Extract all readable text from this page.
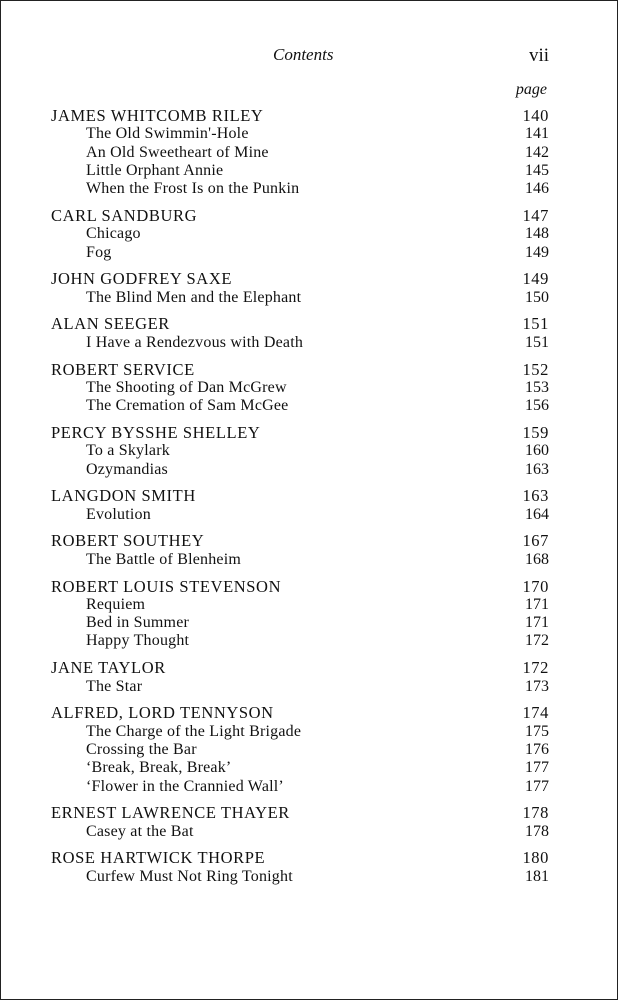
Contents	vii
page
JAMES WHITCOMB RILEY	140
The Old Swimmin'-Hole	141
An Old Sweetheart of Mine	142
Little Orphant Annie	145
When the Frost Is on the Punkin	146
CARL SANDBURG	147
Chicago	148
Fog	149
JOHN GODFREY SAXE	149
The Blind Men and the Elephant	150
ALAN SEEGER	151
I Have a Rendezvous with Death	151
ROBERT SERVICE	152
The Shooting of Dan McGrew	153
The Cremation of Sam McGee	156
PERCY BYSSHE SHELLEY	159
To a Skylark	160
Ozymandias	163
LANGDON SMITH	163
Evolution	164
ROBERT SOUTHEY	167
The Battle of Blenheim	168
ROBERT LOUIS STEVENSON	170
Requiem	171
Bed in Summer	171
Happy Thought	172
JANE TAYLOR	172
The Star	173
ALFRED, LORD TENNYSON	174
The Charge of the Light Brigade	175
Crossing the Bar	176
‘Break, Break, Break’	177
‘Flower in the Crannied Wall’	177
ERNEST LAWRENCE THAYER	178
Casey at the Bat	178
ROSE HARTWICK THORPE	180
Curfew Must Not Ring Tonight	181
